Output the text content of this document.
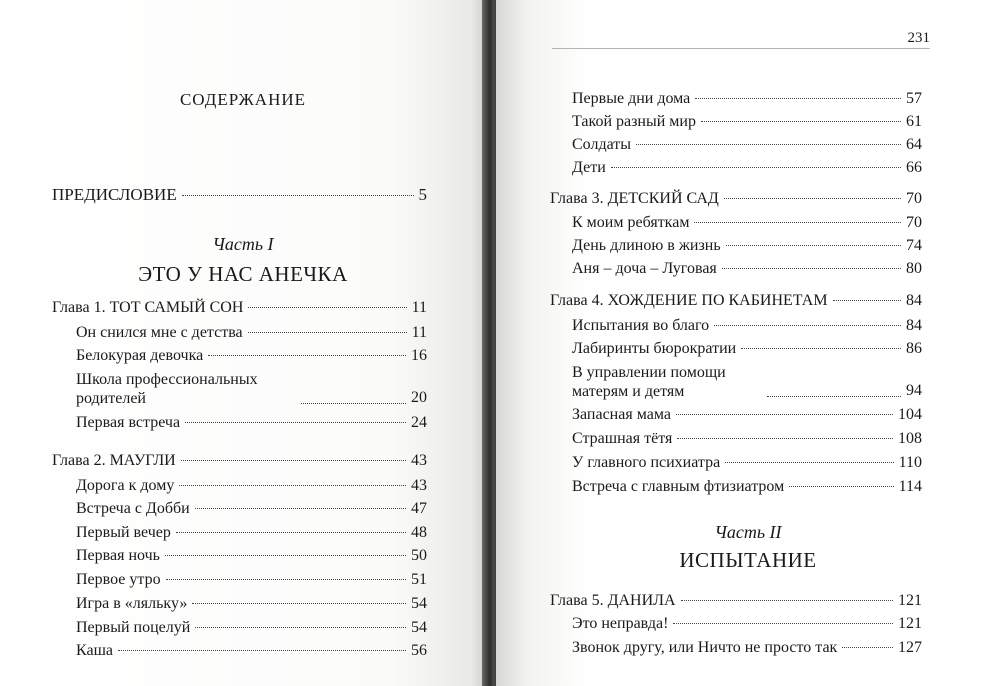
СОДЕРЖАНИЕ
ПРЕДИСЛОВИЕ	5
Часть I
ЭТО У НАС АНЕЧКА
Глава 1. ТОТ САМЫЙ СОН	11
Он снился мне с детства	11
Белокурая девочка	16
Школа профессиональных родителей	20
Первая встреча	24
Глава 2. МАУГЛИ	43
Дорога к дому	43
Встреча с Добби	47
Первый вечер	48
Первая ночь	50
Первое утро	51
Игра в «ляльку»	54
Первый поцелуй	54
Каша	56
231
Первые дни дома	57
Такой разный мир	61
Солдаты	64
Дети	66
Глава 3. ДЕТСКИЙ САД	70
К моим ребяткам	70
День длиною в жизнь	74
Аня – доча – Луговая	80
Глава 4. ХОЖДЕНИЕ ПО КАБИНЕТАМ	84
Испытания во благо	84
Лабиринты бюрократии	86
В управлении помощи матерям и детям	94
Запасная мама	104
Страшная тётя	108
У главного психиатра	110
Встреча с главным фтизиатром	114
Часть II
ИСПЫТАНИЕ
Глава 5. ДАНИЛА	121
Это неправда!	121
Звонок другу, или Ничто не просто так	127
